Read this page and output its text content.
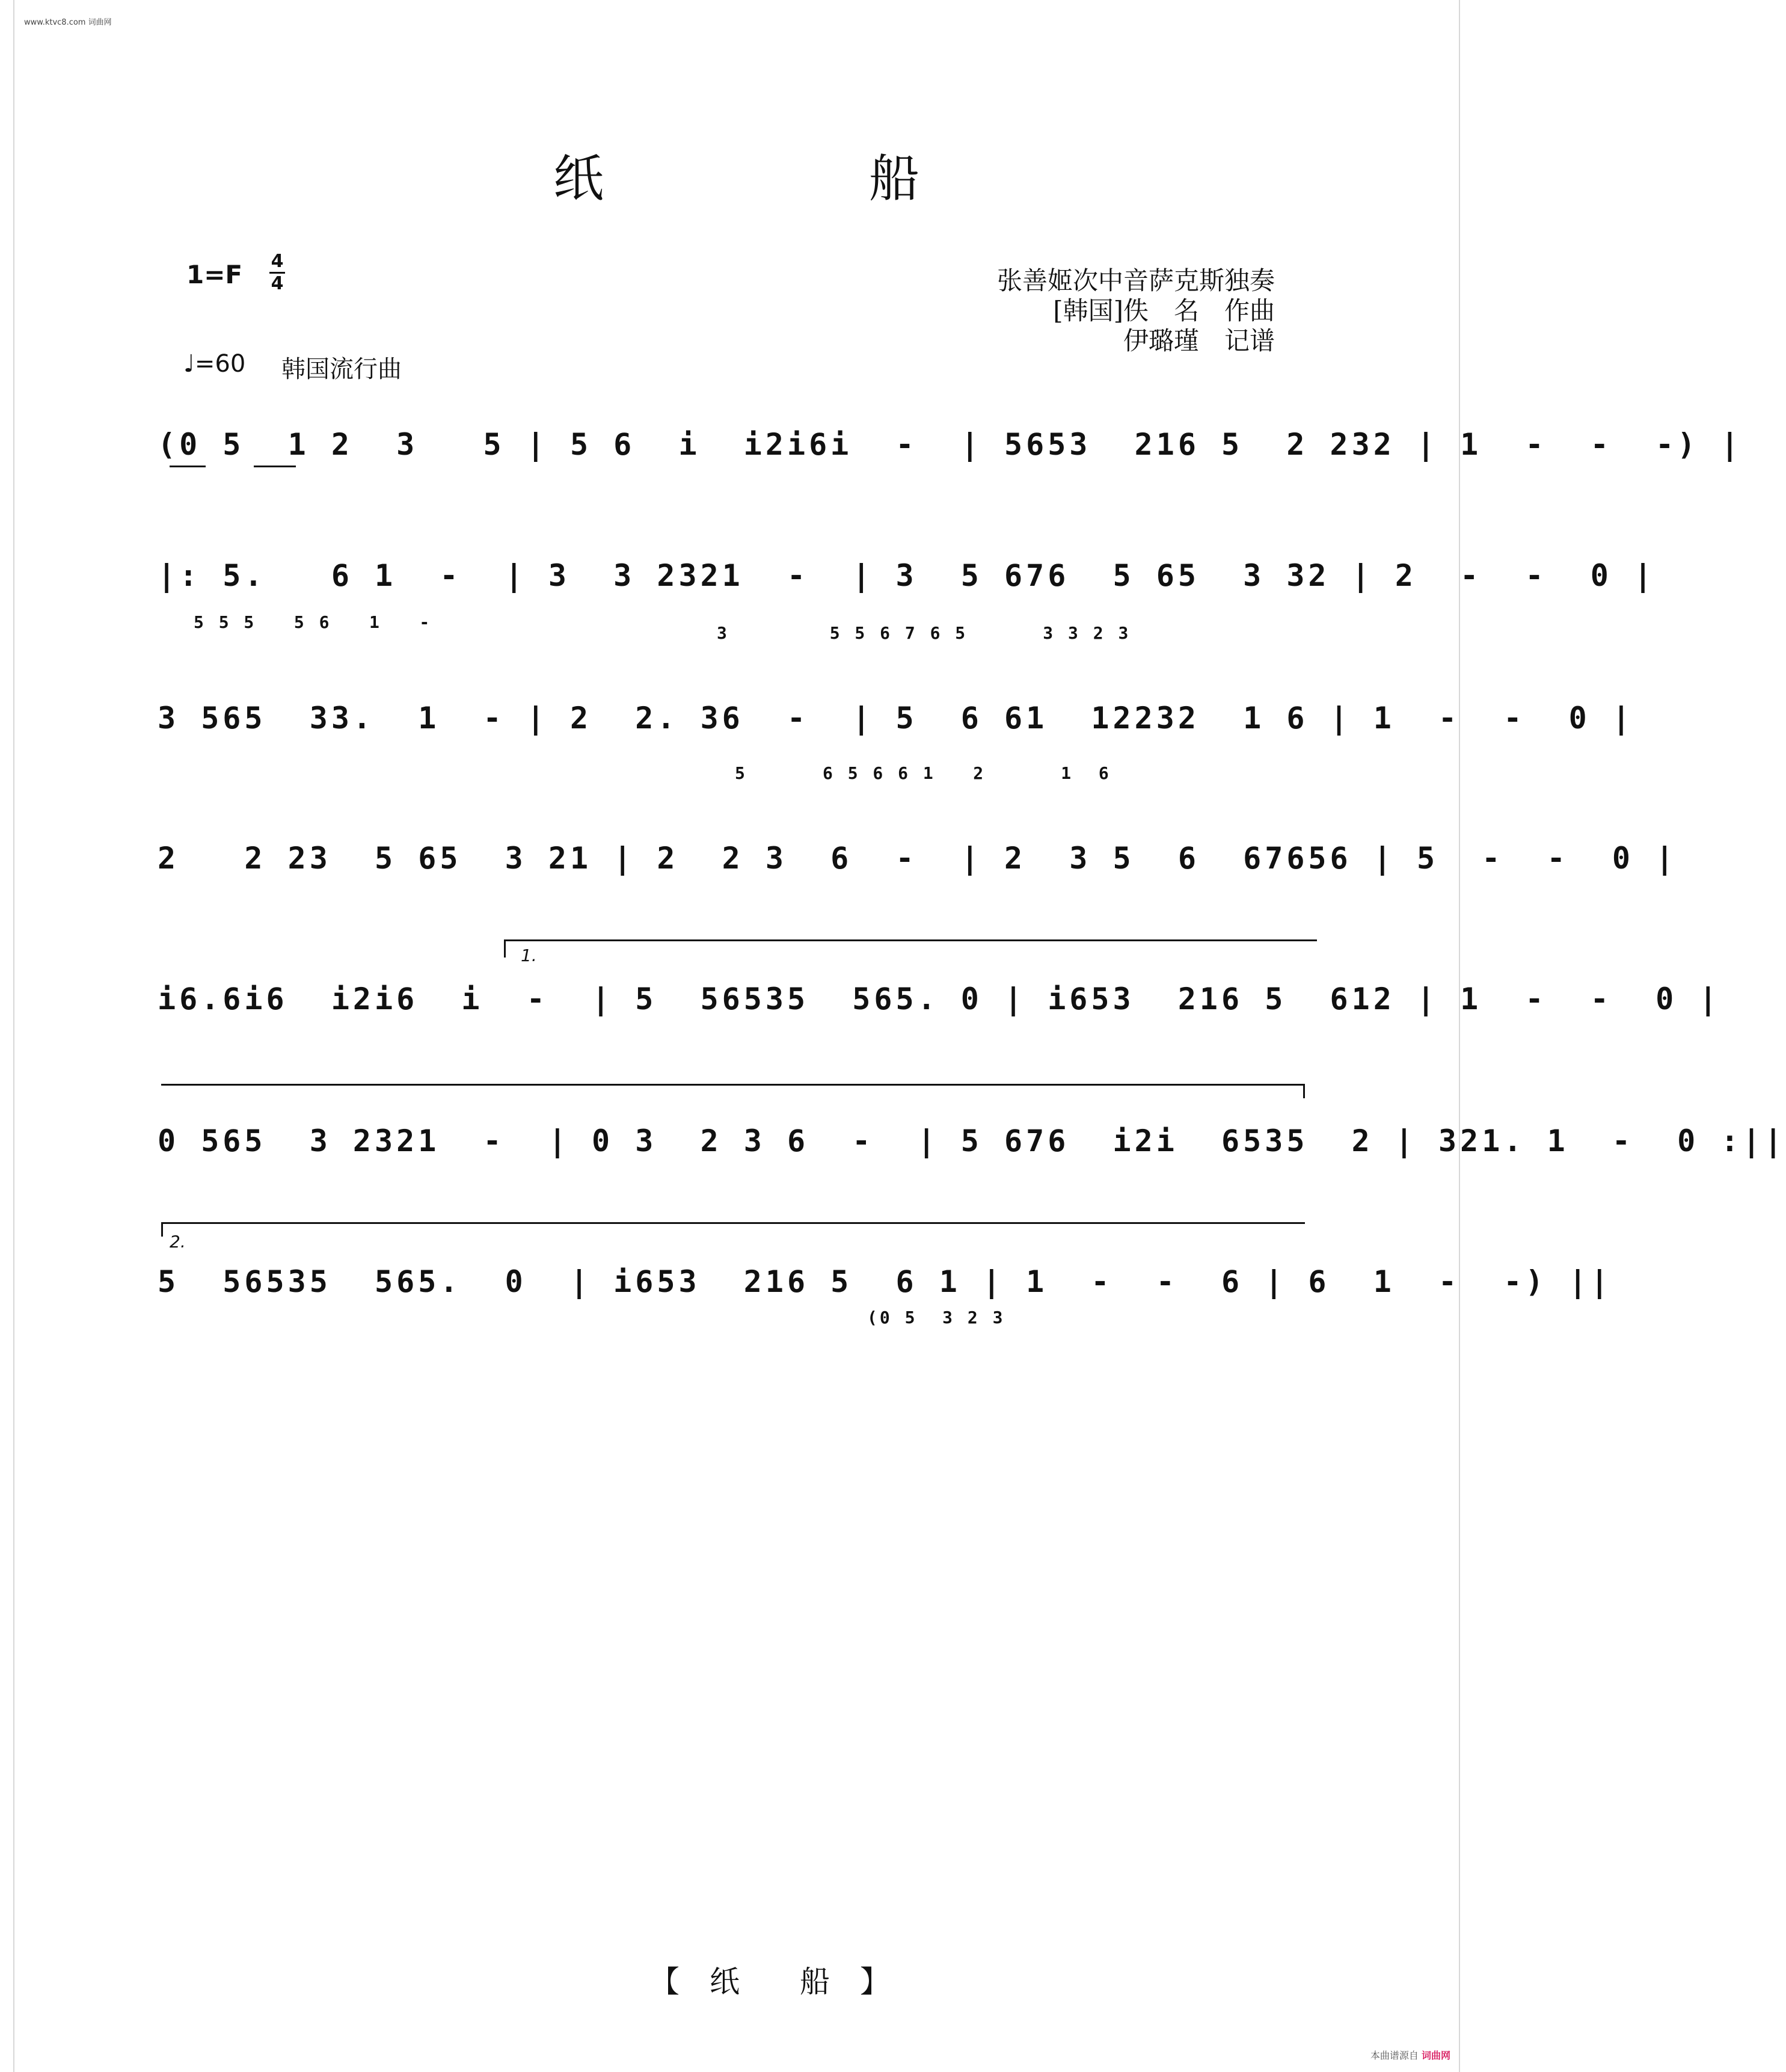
www.ktvc8.com 词曲网
纸	船
1=F 4
4	张善姬次中音萨克斯独奏
[韩国]佚　名　作曲
伊璐瑾　记谱
♩=60 韩国流行曲
(0 5  1 2  3   5 | 5 6  i  i2i6i  -  | 5653  216 5  2 232 | 1  -  -  -) |
|: 5.   6 1  -  | 3  3 2321  -  | 3  5 676  5 65  3 32 | 2  -  -  0 |
5 5 5   5 6   1   -
3        5 5 6 7 6 5      3 3 2 3
3 565  33.  1  - | 2  2. 36  -  | 5  6 61  12232  1 6 | 1  -  -  0 |
5      6 5 6 6 1   2      1  6
2   2 23  5 65  3 21 | 2  2 3  6  -  | 2  3 5  6  67656 | 5  -  -  0 |
1.
i6.6i6  i2i6  i  -  | 5  56535  565. 0 | i653  216 5  612 | 1  -  -  0 |
0 565  3 2321  -  | 0 3  2 3 6  -  | 5 676  i2i  6535  2 | 321. 1  -  0 :||
2.
5  56535  565.  0  | i653  216 5  6 1 | 1  -  -  6 | 6  1  -  -) ||
(0 5  3 2 3
【　纸　　船　】
本曲谱源自 词曲网
